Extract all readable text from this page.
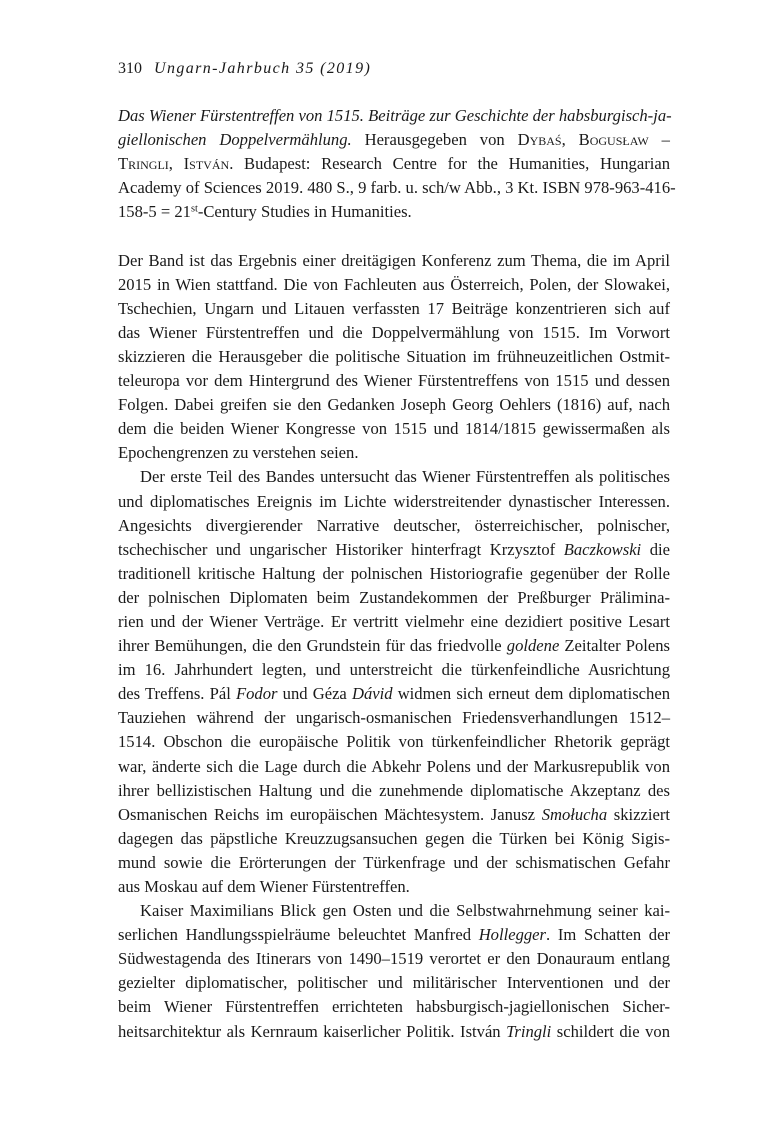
310 Ungarn-Jahrbuch 35 (2019)
Das Wiener Fürstentreffen von 1515. Beiträge zur Geschichte der habsburgisch-ja-
giellonischen Doppelvermählung. Herausgegeben von Dybaś, Bogusław –
Tringli, István. Budapest: Research Centre for the Humanities, Hungarian
Academy of Sciences 2019. 480 S., 9 farb. u. sch/w Abb., 3 Kt. ISBN 978-963-416-
158-5 = 21st-Century Studies in Humanities.
Der Band ist das Ergebnis einer dreitägigen Konferenz zum Thema, die im April
2015 in Wien stattfand. Die von Fachleuten aus Österreich, Polen, der Slowakei,
Tschechien, Ungarn und Litauen verfassten 17 Beiträge konzentrieren sich auf
das Wiener Fürstentreffen und die Doppelvermählung von 1515. Im Vorwort
skizzieren die Herausgeber die politische Situation im frühneuzeitlichen Ostmit-
teleuropa vor dem Hintergrund des Wiener Fürstentreffens von 1515 und dessen
Folgen. Dabei greifen sie den Gedanken Joseph Georg Oehlers (1816) auf, nach
dem die beiden Wiener Kongresse von 1515 und 1814/1815 gewissermaßen als
Epochengrenzen zu verstehen seien.
Der erste Teil des Bandes untersucht das Wiener Fürstentreffen als politisches
und diplomatisches Ereignis im Lichte widerstreitender dynastischer Interessen.
Angesichts divergierender Narrative deutscher, österreichischer, polnischer,
tschechischer und ungarischer Historiker hinterfragt Krzysztof Baczkowski die
traditionell kritische Haltung der polnischen Historiografie gegenüber der Rolle
der polnischen Diplomaten beim Zustandekommen der Preßburger Prälimina-
rien und der Wiener Verträge. Er vertritt vielmehr eine dezidiert positive Lesart
ihrer Bemühungen, die den Grundstein für das friedvolle goldene Zeitalter Polens
im 16. Jahrhundert legten, und unterstreicht die türkenfeindliche Ausrichtung
des Treffens. Pál Fodor und Géza Dávid widmen sich erneut dem diplomatischen
Tauziehen während der ungarisch-osmanischen Friedensverhandlungen 1512–
1514. Obschon die europäische Politik von türkenfeindlicher Rhetorik geprägt
war, änderte sich die Lage durch die Abkehr Polens und der Markusrepublik von
ihrer bellizistischen Haltung und die zunehmende diplomatische Akzeptanz des
Osmanischen Reichs im europäischen Mächtesystem. Janusz Smołucha skizziert
dagegen das päpstliche Kreuzzugsansuchen gegen die Türken bei König Sigis-
mund sowie die Erörterungen der Türkenfrage und der schismatischen Gefahr
aus Moskau auf dem Wiener Fürstentreffen.
Kaiser Maximilians Blick gen Osten und die Selbstwahrnehmung seiner kai-
serlichen Handlungsspielräume beleuchtet Manfred Hollegger. Im Schatten der
Südwestagenda des Itinerars von 1490–1519 verortet er den Donauraum entlang
gezielter diplomatischer, politischer und militärischer Interventionen und der
beim Wiener Fürstentreffen errichteten habsburgisch-jagiellonischen Sicher-
heitsarchitektur als Kernraum kaiserlicher Politik. István Tringli schildert die von
